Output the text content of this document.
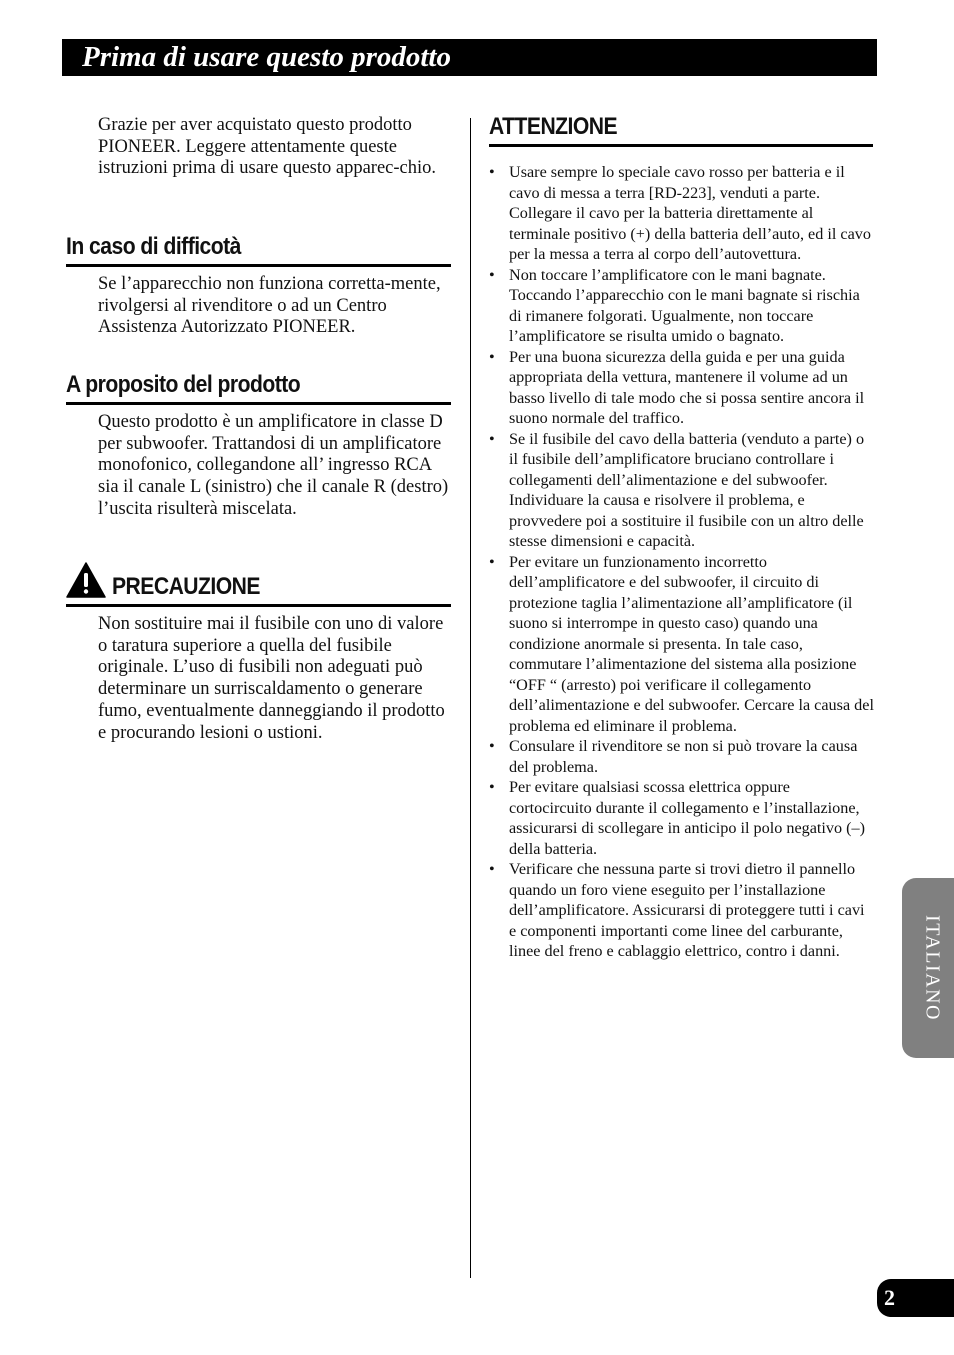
Prima di usare questo prodotto
Grazie per aver acquistato questo prodotto PIONEER. Leggere attentamente queste istruzioni prima di usare questo apparec-chio.
In caso di difficotà
Se l’apparecchio non funziona corretta-mente, rivolgersi al rivenditore o ad un Centro Assistenza Autorizzato PIONEER.
A proposito del prodotto
Questo prodotto è un amplificatore in classe D per subwoofer. Trattandosi di un amplificatore monofonico, collegandone all’ ingresso RCA sia il canale L (sinistro) che il canale R (destro) l’uscita risulterà miscelata.
PRECAUZIONE
Non sostituire mai il fusibile con uno di valore o taratura superiore a quella del fusibile originale. L’uso di fusibili non adeguati può determinare un surriscaldamento o generare fumo, eventualmente danneggiando il prodotto e procurando lesioni o ustioni.
ATTENZIONE
• Usare sempre lo speciale cavo rosso per batteria e il cavo di messa a terra [RD-223], venduti a parte. Collegare il cavo per la batteria direttamente al terminale positivo (+) della batteria dell’auto, ed il cavo per la messa a terra al corpo dell’autovettura.
• Non toccare l’amplificatore con le mani bagnate. Toccando l’apparecchio con le mani bagnate si rischia di rimanere folgorati. Ugualmente, non toccare l’amplificatore se risulta umido o bagnato.
• Per una buona sicurezza della guida e per una guida appropriata della vettura, mantenere il volume ad un basso livello di tale modo che si possa sentire ancora il suono normale del traffico.
• Se il fusibile del cavo della batteria (venduto a parte) o il fusibile dell’amplificatore bruciano controllare i collegamenti dell’alimentazione e del subwoofer. Individuare la causa e risolvere il problema, e provvedere poi a sostituire il fusibile con un altro delle stesse dimensioni e capacità.
• Per evitare un funzionamento incorretto dell’amplificatore e del subwoofer, il circuito di protezione taglia l’alimentazione all’amplificatore (il suono si interrompe in questo caso) quando una condizione anormale si presenta. In tale caso, commutare l’alimentazione del sistema alla posizione “OFF “ (arresto) poi verificare il collegamento dell’alimentazione e del subwoofer. Cercare la causa del problema ed eliminare il problema.
• Consulare il rivenditore se non si può trovare la causa del problema.
• Per evitare qualsiasi scossa elettrica oppure cortocircuito durante il collegamento e l’installazione, assicurarsi di scollegare in anticipo il polo negativo (–) della batteria.
• Verificare che nessuna parte si trovi dietro il pannello quando un foro viene eseguito per l’installazione dell’amplificatore. Assicurarsi di proteggere tutti i cavi e componenti importanti come linee del carburante, linee del freno e cablaggio elettrico, contro i danni.	ITALIANO
2
